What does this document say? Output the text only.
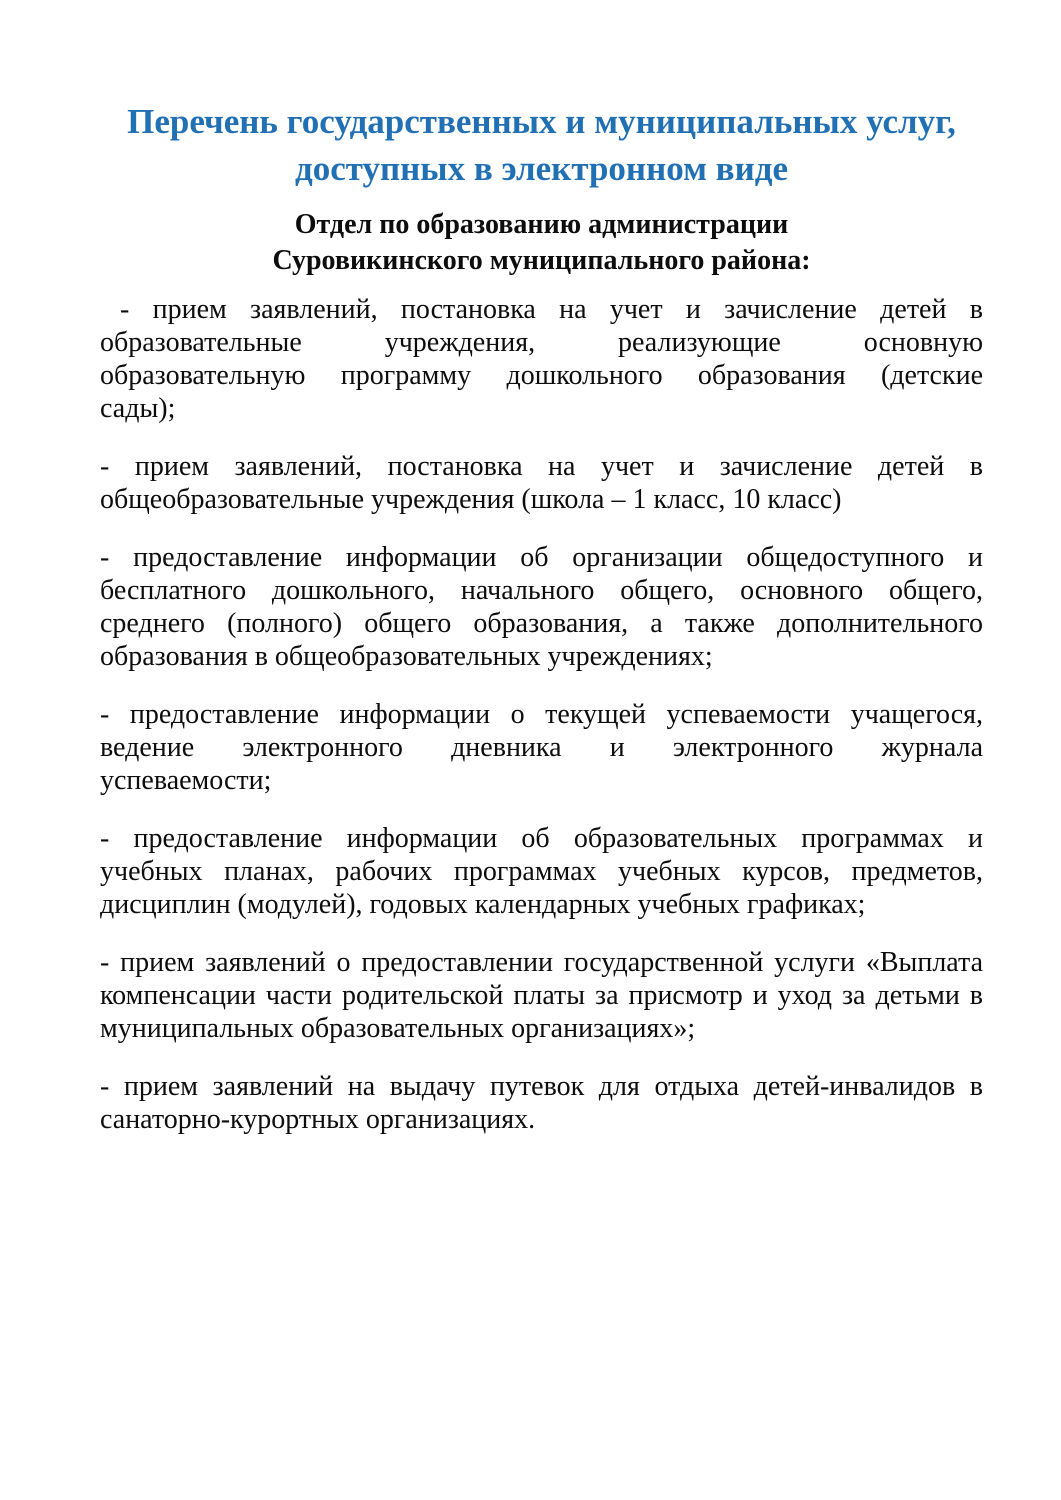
Перечень государственных и муниципальных услуг,
доступных в электронном виде
Отдел по образованию администрации
Суровикинского муниципального района:
- прием заявлений, постановка на учет и зачисление детей в
образовательные учреждения, реализующие основную
образовательную программу дошкольного образования (детские
сады);
- прием заявлений, постановка на учет и зачисление детей в
общеобразовательные учреждения (школа – 1 класс, 10 класс)
- предоставление информации об организации общедоступного и
бесплатного дошкольного, начального общего, основного общего,
среднего (полного) общего образования, а также дополнительного
образования в общеобразовательных учреждениях;
- предоставление информации о текущей успеваемости учащегося,
ведение электронного дневника и электронного журнала
успеваемости;
- предоставление информации об образовательных программах и
учебных планах, рабочих программах учебных курсов, предметов,
дисциплин (модулей), годовых календарных учебных графиках;
- прием заявлений о предоставлении государственной услуги «Выплата
компенсации части родительской платы за присмотр и уход за детьми в
муниципальных образовательных организациях»;
- прием заявлений на выдачу путевок для отдыха детей-инвалидов в
санаторно-курортных организациях.
